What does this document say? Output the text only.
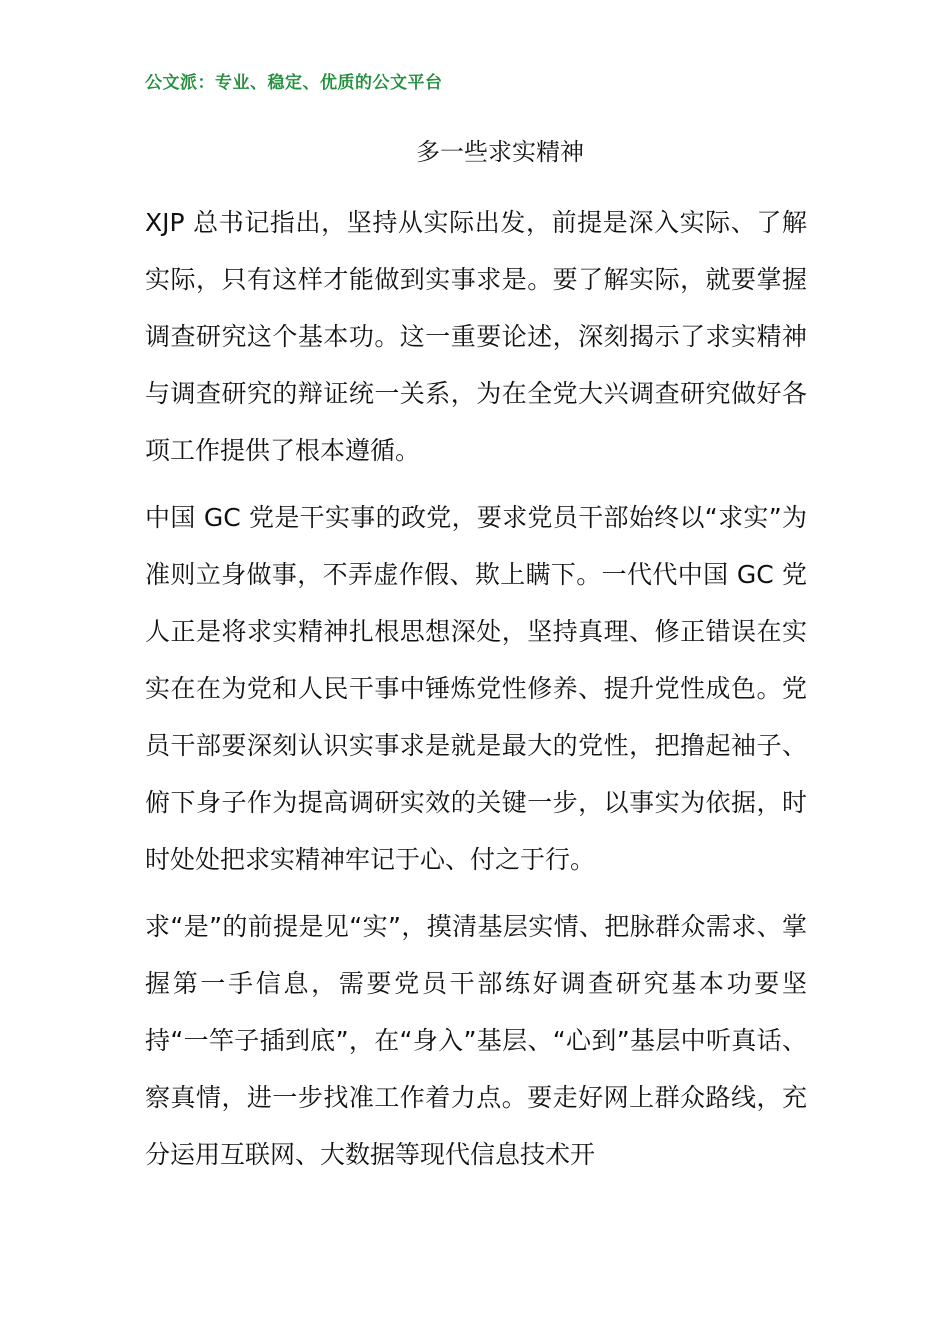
公文派：专业、稳定、优质的公文平台
多一些求实精神

XJP 总书记指出，坚持从实际出发，前提是深入实际、了解实际，只有这样才能做到实事求是。要了解实际，就要掌握调查研究这个基本功。这一重要论述，深刻揭示了求实精神与调查研究的辩证统一关系，为在全党大兴调查研究做好各项工作提供了根本遵循。

中国 GC 党是干实事的政党，要求党员干部始终以“求实”为准则立身做事，不弄虚作假、欺上瞒下。一代代中国 GC 党人正是将求实精神扎根思想深处，坚持真理、修正错误在实实在在为党和人民干事中锤炼党性修养、提升党性成色。党员干部要深刻认识实事求是就是最大的党性，把撸起袖子、俯下身子作为提高调研实效的关键一步，以事实为依据，时时处处把求实精神牢记于心、付之于行。

求“是”的前提是见“实”，摸清基层实情、把脉群众需求、掌握第一手信息，需要党员干部练好调查研究基本功要坚持“一竿子插到底”，在“身入”基层、“心到”基层中听真话、察真情，进一步找准工作着力点。要走好网上群众路线，充分运用互联网、大数据等现代信息技术开
